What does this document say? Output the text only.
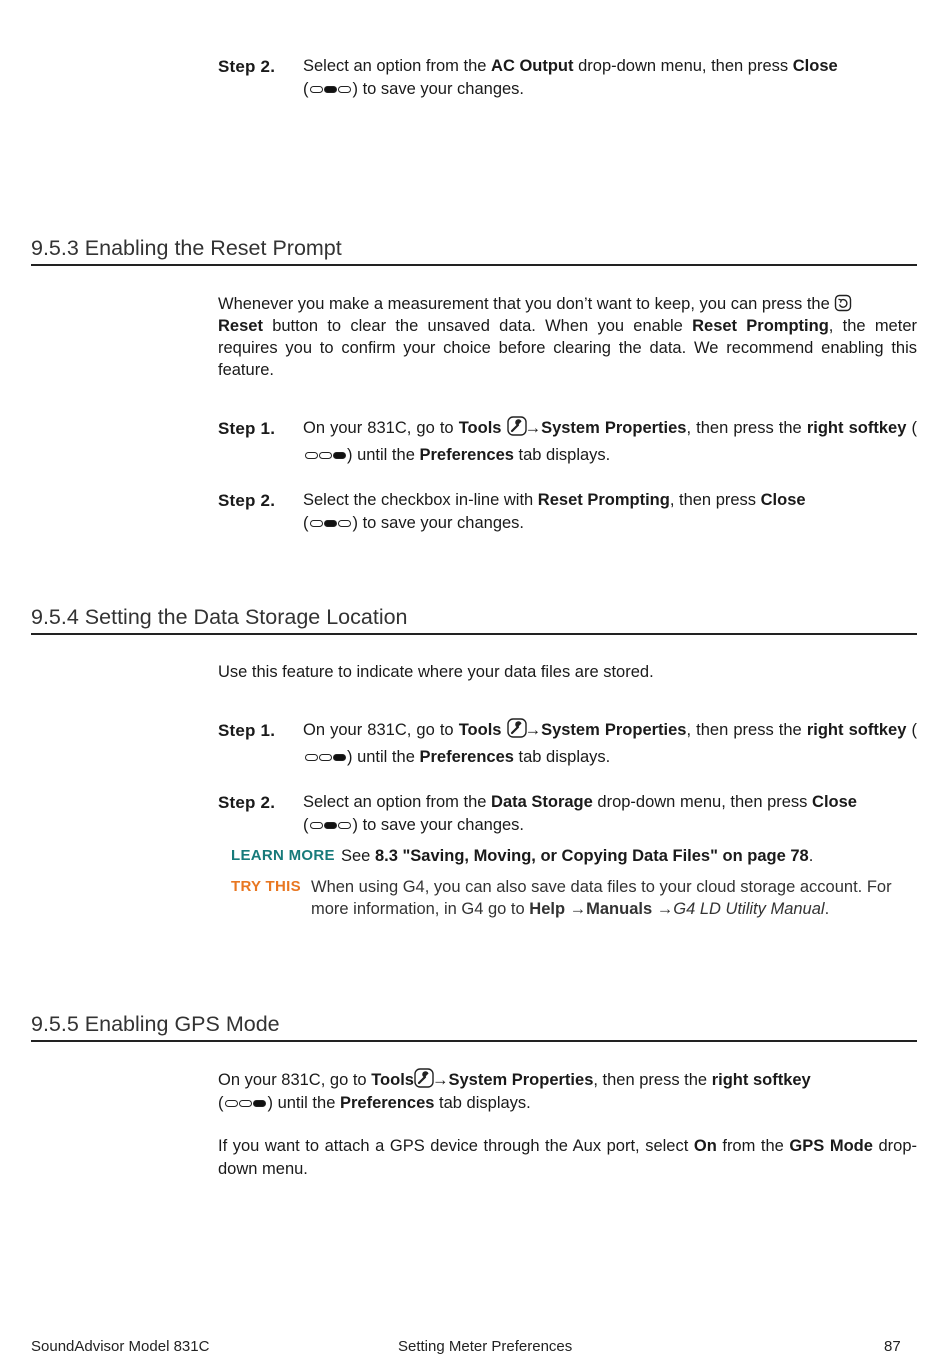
Step 2. Select an option from the AC Output drop-down menu, then press Close
(	) to save your changes.
9.5.3 Enabling the Reset Prompt
Whenever you make a measurement that you don’t want to keep, you can press the
Reset button to clear the unsaved data. When you enable Reset Prompting, the meter requires you to confirm your choice before clearing the data. We recommend enabling this feature.
Step 1. On your 831C, go to Tools →System Properties, then press the right softkey () until the Preferences tab displays.
Step 2. Select the checkbox in-line with Reset Prompting, then press Close
(	) to save your changes.
9.5.4 Setting the Data Storage Location
Use this feature to indicate where your data files are stored.
Step 1. On your 831C, go to Tools →System Properties, then press the right softkey () until the Preferences tab displays.
Step 2. Select an option from the Data Storage drop-down menu, then press Close
(	) to save your changes.
LEARN MORE See 8.3 "Saving, Moving, or Copying Data Files" on page 78.
TRY THIS When using G4, you can also save data files to your cloud storage account. For more information, in G4 go to Help →Manuals →G4 LD Utility Manual.
9.5.5 Enabling GPS Mode
On your 831C, go to Tools →System Properties, then press the right softkey
(	) until the Preferences tab displays.
If you want to attach a GPS device through the Aux port, select On from the GPS Mode drop-down menu.
SoundAdvisor Model 831C	Setting Meter Preferences	87
